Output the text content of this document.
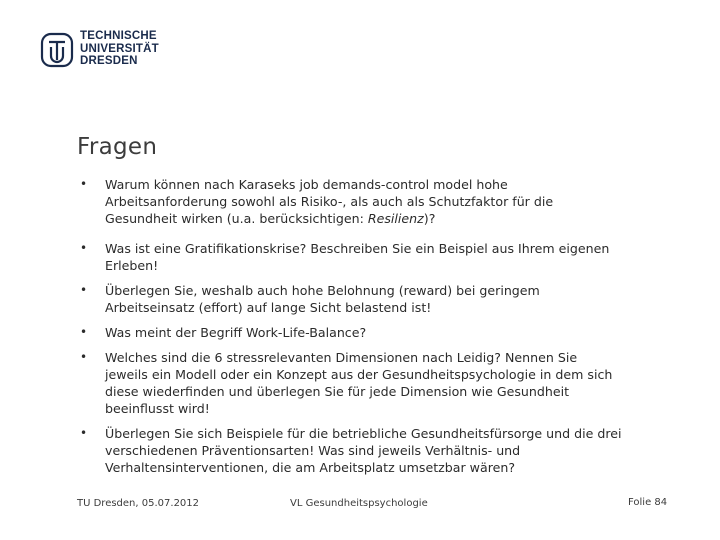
TECHNISCHE
UNIVERSITÄT
DRESDEN
Fragen
• Warum können nach Karaseks job demands-control model hohe
Arbeitsanforderung sowohl als Risiko-, als auch als Schutzfaktor für die
Gesundheit wirken (u.a. berücksichtigen: Resilienz)?
• Was ist eine Gratifikationskrise? Beschreiben Sie ein Beispiel aus Ihrem eigenen
Erleben!
• Überlegen Sie, weshalb auch hohe Belohnung (reward) bei geringem
Arbeitseinsatz (effort) auf lange Sicht belastend ist!
• Was meint der Begriff Work-Life-Balance?
• Welches sind die 6 stressrelevanten Dimensionen nach Leidig? Nennen Sie
jeweils ein Modell oder ein Konzept aus der Gesundheitspsychologie in dem sich
diese wiederfinden und überlegen Sie für jede Dimension wie Gesundheit
beeinflusst wird!
• Überlegen Sie sich Beispiele für die betriebliche Gesundheitsfürsorge und die drei
verschiedenen Präventionsarten! Was sind jeweils Verhältnis- und
Verhaltensinterventionen, die am Arbeitsplatz umsetzbar wären?
TU Dresden, 05.07.2012	VL Gesundheitspsychologie	Folie 84
